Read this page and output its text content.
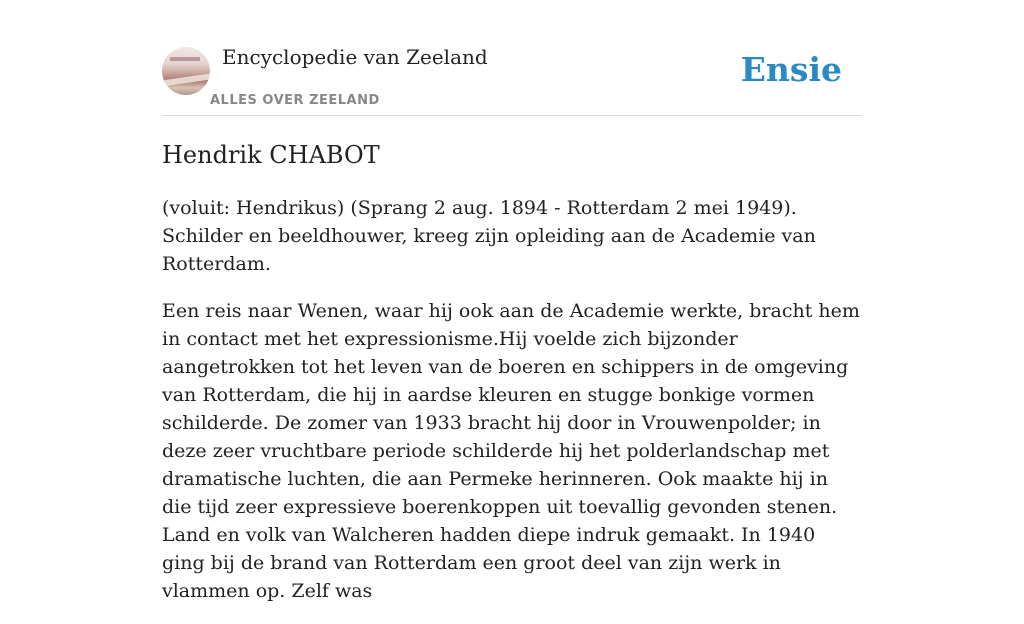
Encyclopedie van Zeeland
ALLES OVER ZEELAND
Ensie
Hendrik CHABOT

(voluit: Hendrikus) (Sprang 2 aug. 1894 - Rotterdam 2 mei 1949). Schilder en beeldhouwer, kreeg zijn opleiding aan de Academie van Rotterdam.

Een reis naar Wenen, waar hij ook aan de Academie werkte, bracht hem in contact met het expressionisme.Hij voelde zich bijzonder aangetrokken tot het leven van de boeren en schippers in de omgeving van Rotterdam, die hij in aardse kleuren en stugge bonkige vormen schilderde. De zomer van 1933 bracht hij door in Vrouwenpolder; in deze zeer vruchtbare periode schilderde hij het polderlandschap met dramatische luchten, die aan Permeke herinneren. Ook maakte hij in die tijd zeer expressieve boerenkoppen uit toevallig gevonden stenen. Land en volk van Walcheren hadden diepe indruk gemaakt. In 1940 ging bij de brand van Rotterdam een groot deel van zijn werk in vlammen op. Zelf was
